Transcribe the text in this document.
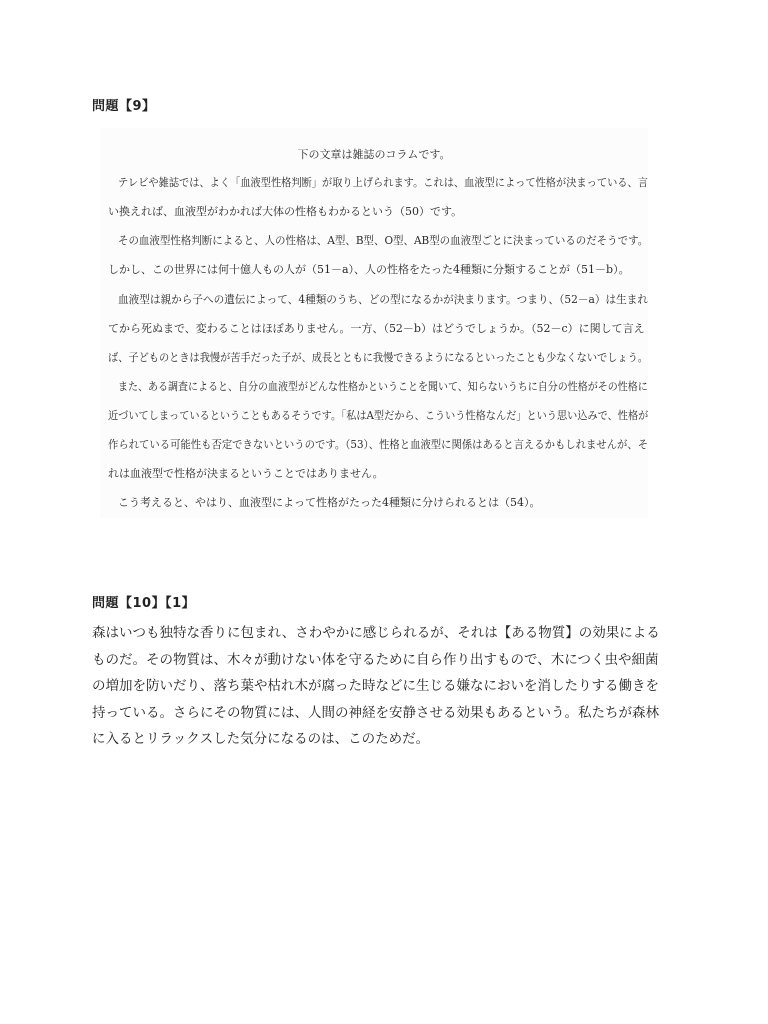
問題【9】
下の文章は雑誌のコラムです。
テレビや雑誌では、よく「血液型性格判断」が取り上げられます。これは、血液型によって性格が決まっている、言
い換えれば、血液型がわかれば大体の性格もわかるという（50）です。
その血液型性格判断によると、人の性格は、A型、B型、O型、AB型の血液型ごとに決まっているのだそうです。
しかし、この世界には何十億人もの人が（51－a）、人の性格をたった4種類に分類することが（51－b）。
血液型は親から子への遺伝によって、4種類のうち、どの型になるかが決まります。つまり、（52－a）は生まれ
てから死ぬまで、変わることはほぼありません。一方、（52－b）はどうでしょうか。（52－c）に関して言え
ば、子どものときは我慢が苦手だった子が、成長とともに我慢できるようになるといったことも少なくないでしょう。
また、ある調査によると、自分の血液型がどんな性格かということを聞いて、知らないうちに自分の性格がその性格に
近づいてしまっているということもあるそうです。「私はA型だから、こういう性格なんだ」という思い込みで、性格が
作られている可能性も否定できないというのです。（53）、性格と血液型に関係はあると言えるかもしれませんが、そ
れは血液型で性格が決まるということではありません。
こう考えると、やはり、血液型によって性格がたった4種類に分けられるとは（54）。
問題【10】【1】
森はいつも独特な香りに包まれ、さわやかに感じられるが、それは【ある物質】の効果による
ものだ。その物質は、木々が動けない体を守るために自ら作り出すもので、木につく虫や細菌
の増加を防いだり、落ち葉や枯れ木が腐った時などに生じる嫌なにおいを消したりする働きを
持っている。さらにその物質には、人間の神経を安静させる効果もあるという。私たちが森林
に入るとリラックスした気分になるのは、このためだ。
